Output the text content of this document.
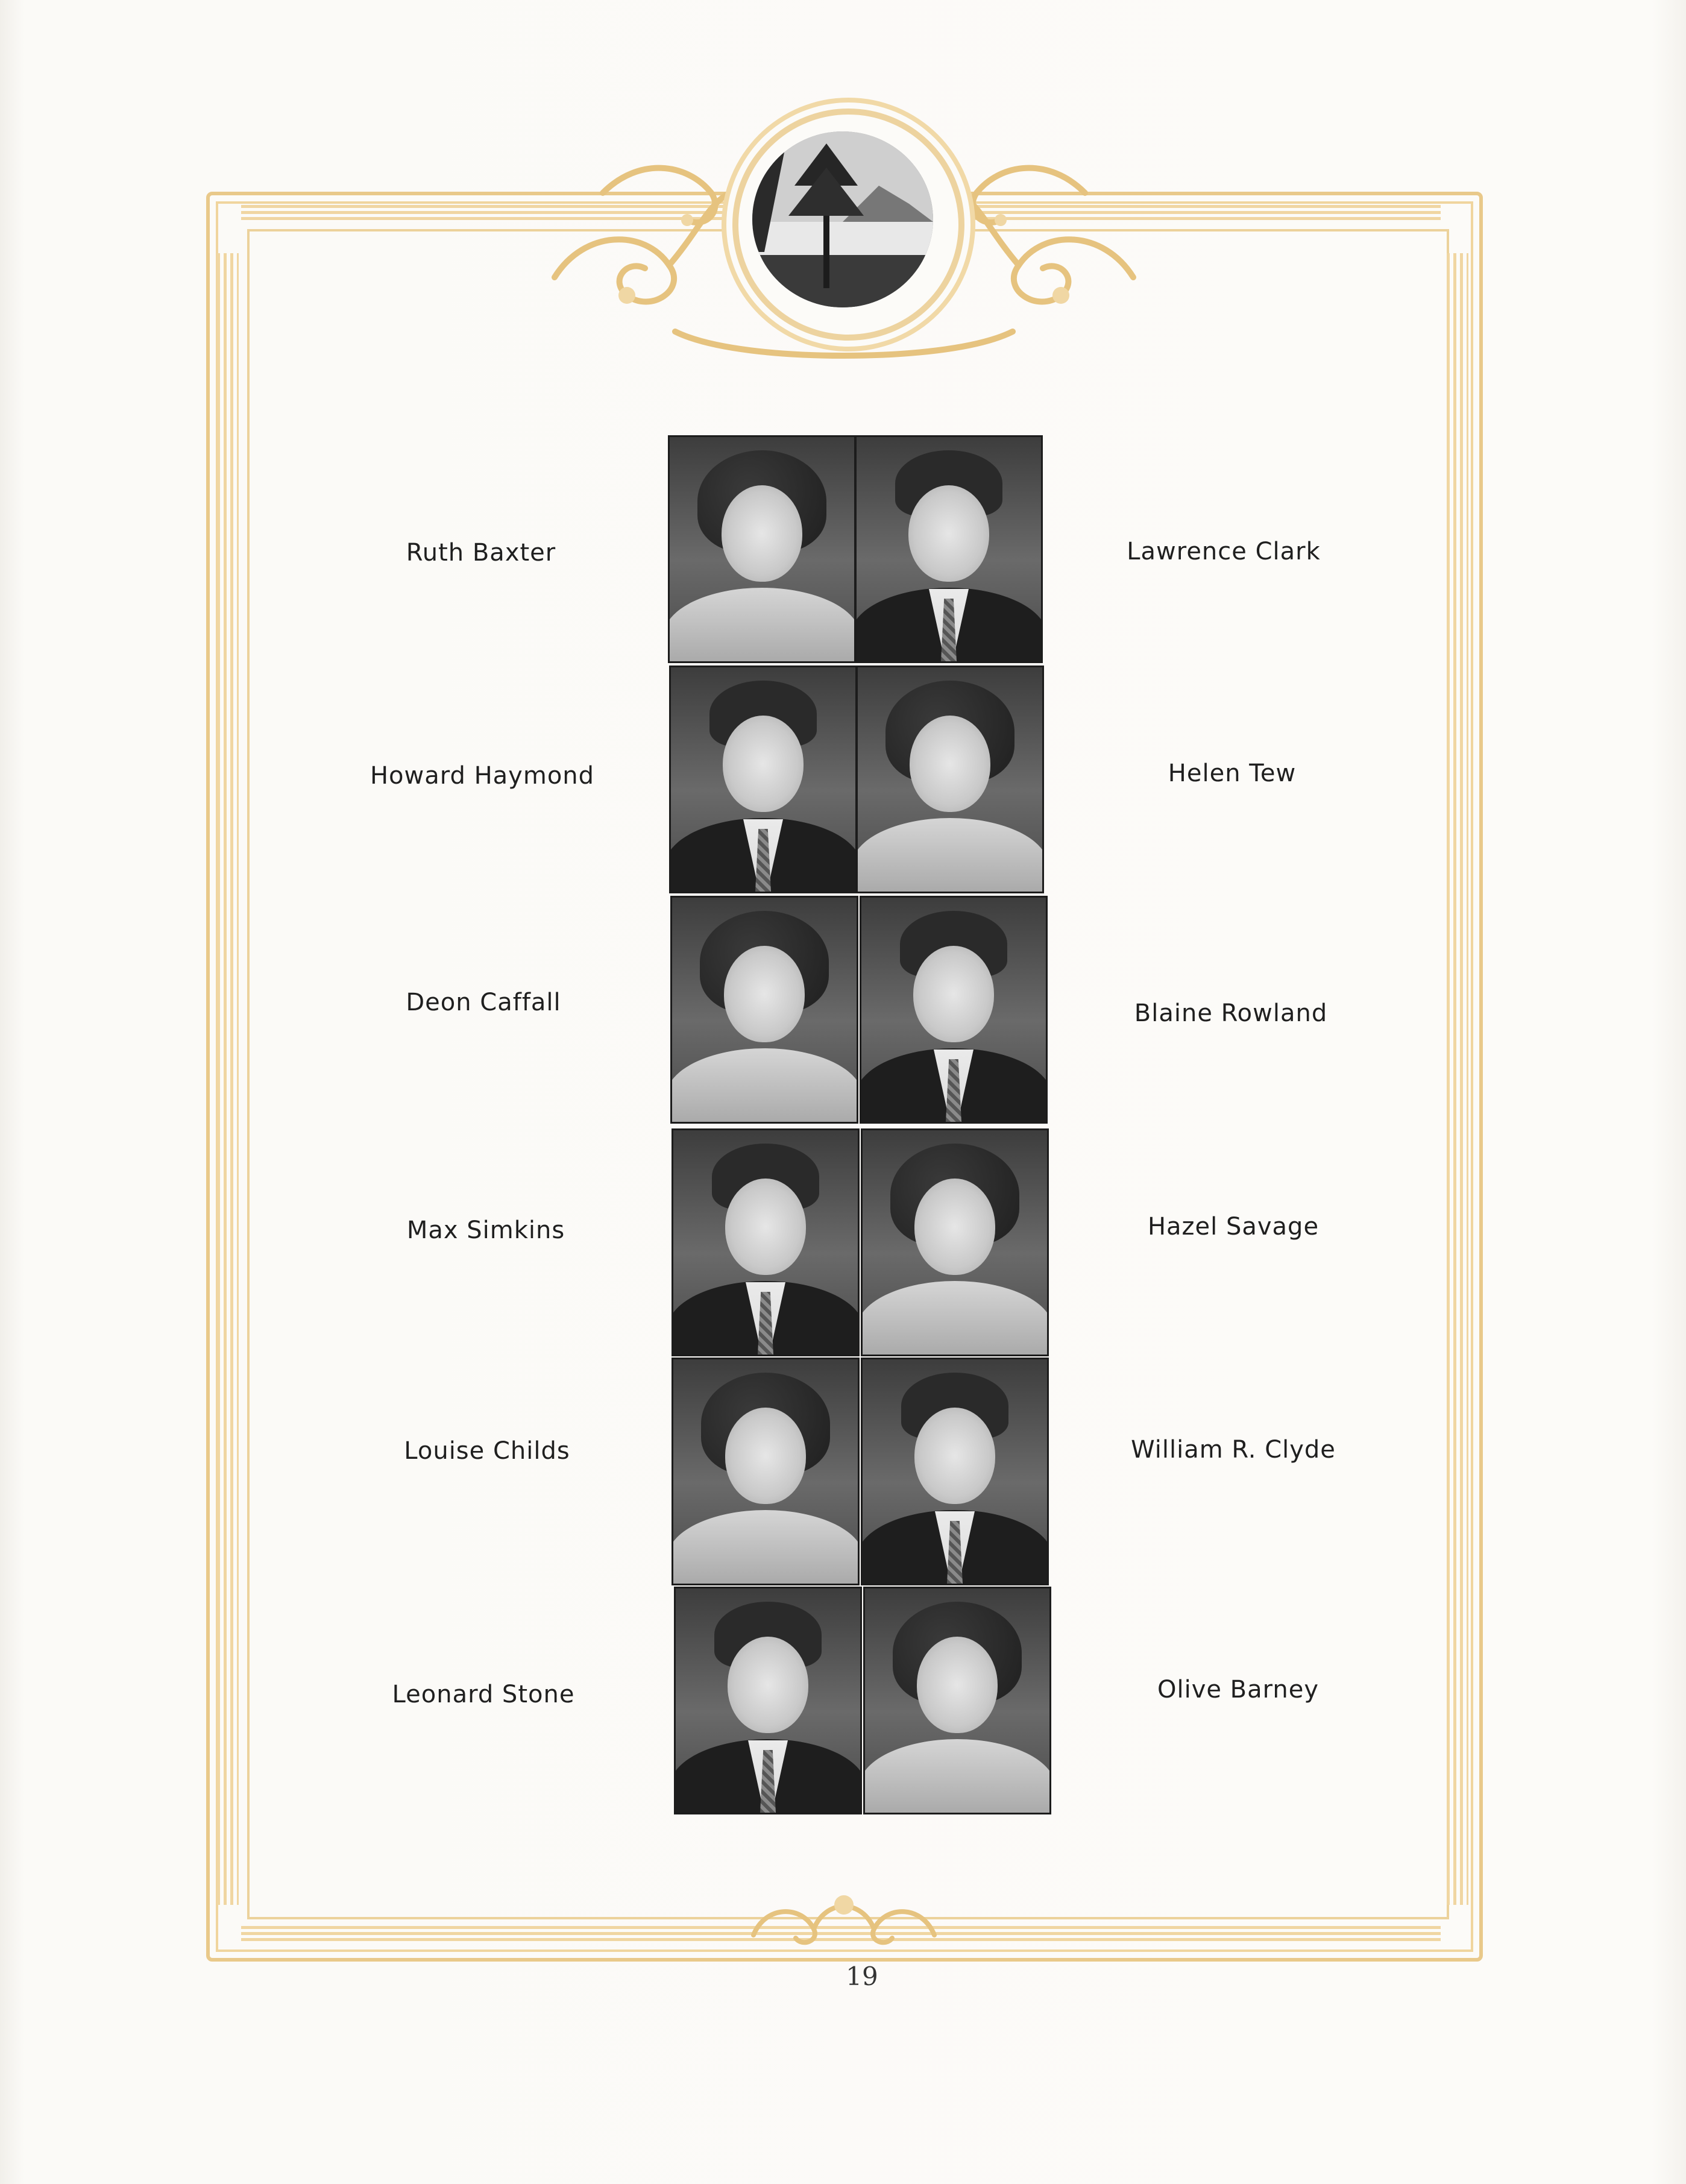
Ruth Baxter
Howard Haymond
Deon Caffall
Max Simkins
Louise Childs
Leonard Stone
Lawrence Clark
Helen Tew
Blaine Rowland
Hazel Savage
William R. Clyde
Olive Barney
19
